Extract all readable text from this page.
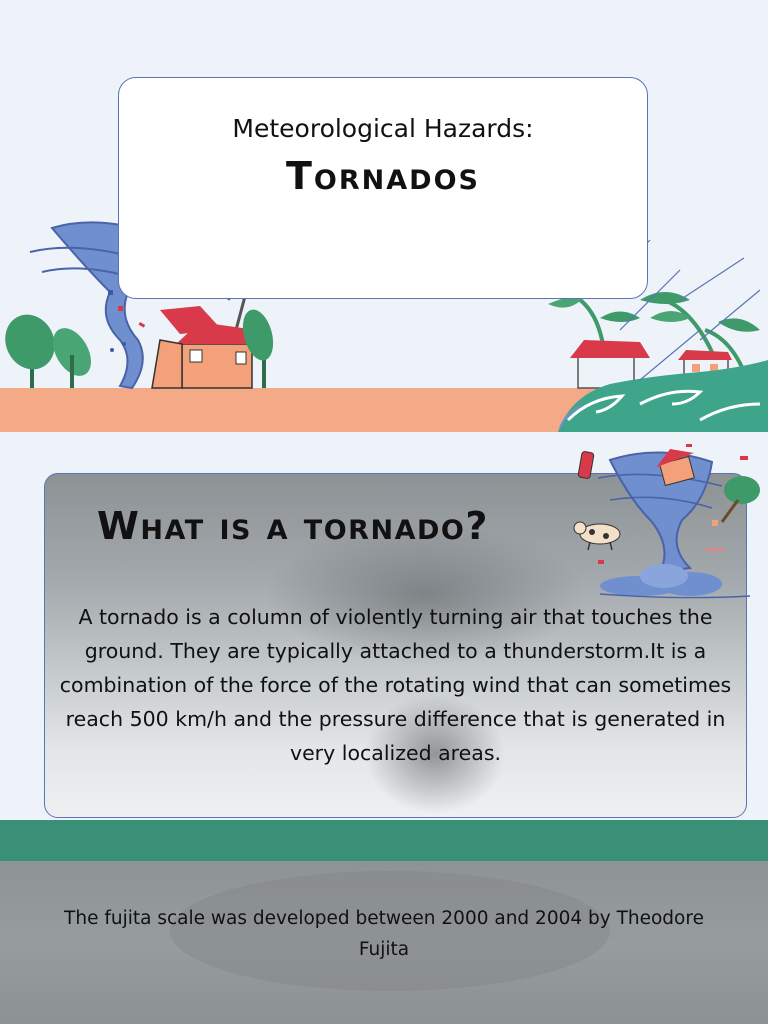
Meteorological Hazards:
Tornados
What is a tornado?
A tornado is a column of violently turning air that touches the ground. They are typically attached to a thunderstorm.It is a combination of the force of the rotating wind that can sometimes reach 500 km/h and the pressure difference that is generated in very localized areas.
The fujita scale was developed between 2000 and 2004 by Theodore Fujita
